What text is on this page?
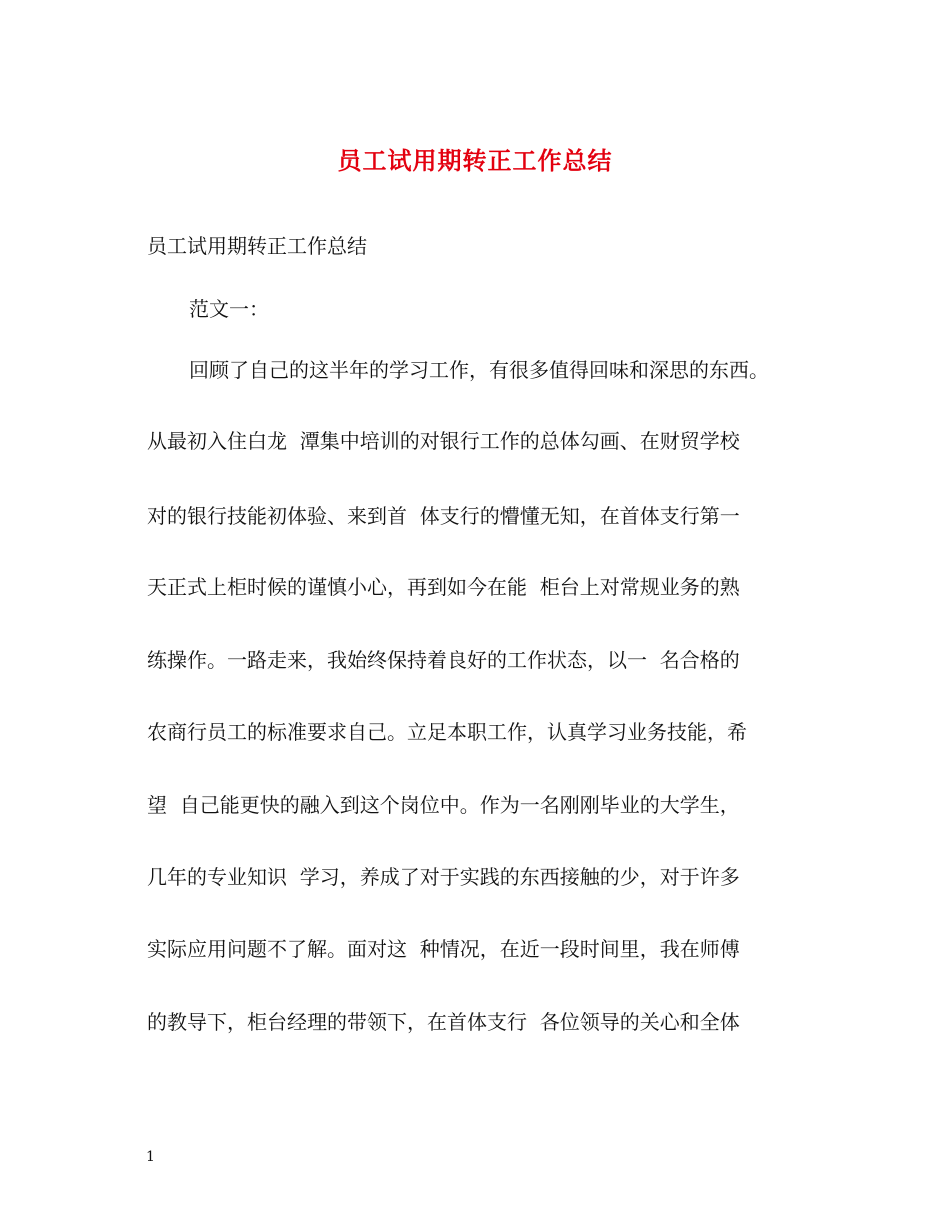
员工试用期转正工作总结
员工试用期转正工作总结
范文一：
回顾了自己的这半年的学习工作，有很多值得回味和深思的东西。
从最初入住白龙  潭集中培训的对银行工作的总体勾画、在财贸学校
对的银行技能初体验、来到首  体支行的懵懂无知，在首体支行第一
天正式上柜时候的谨慎小心，再到如今在能  柜台上对常规业务的熟
练操作。一路走来，我始终保持着良好的工作状态，以一  名合格的
农商行员工的标准要求自己。立足本职工作，认真学习业务技能，希
望  自己能更快的融入到这个岗位中。作为一名刚刚毕业的大学生，
几年的专业知识  学习，养成了对于实践的东西接触的少，对于许多
实际应用问题不了解。面对这  种情况，在近一段时间里，我在师傅
的教导下，柜台经理的带领下，在首体支行  各位领导的关心和全体
1
